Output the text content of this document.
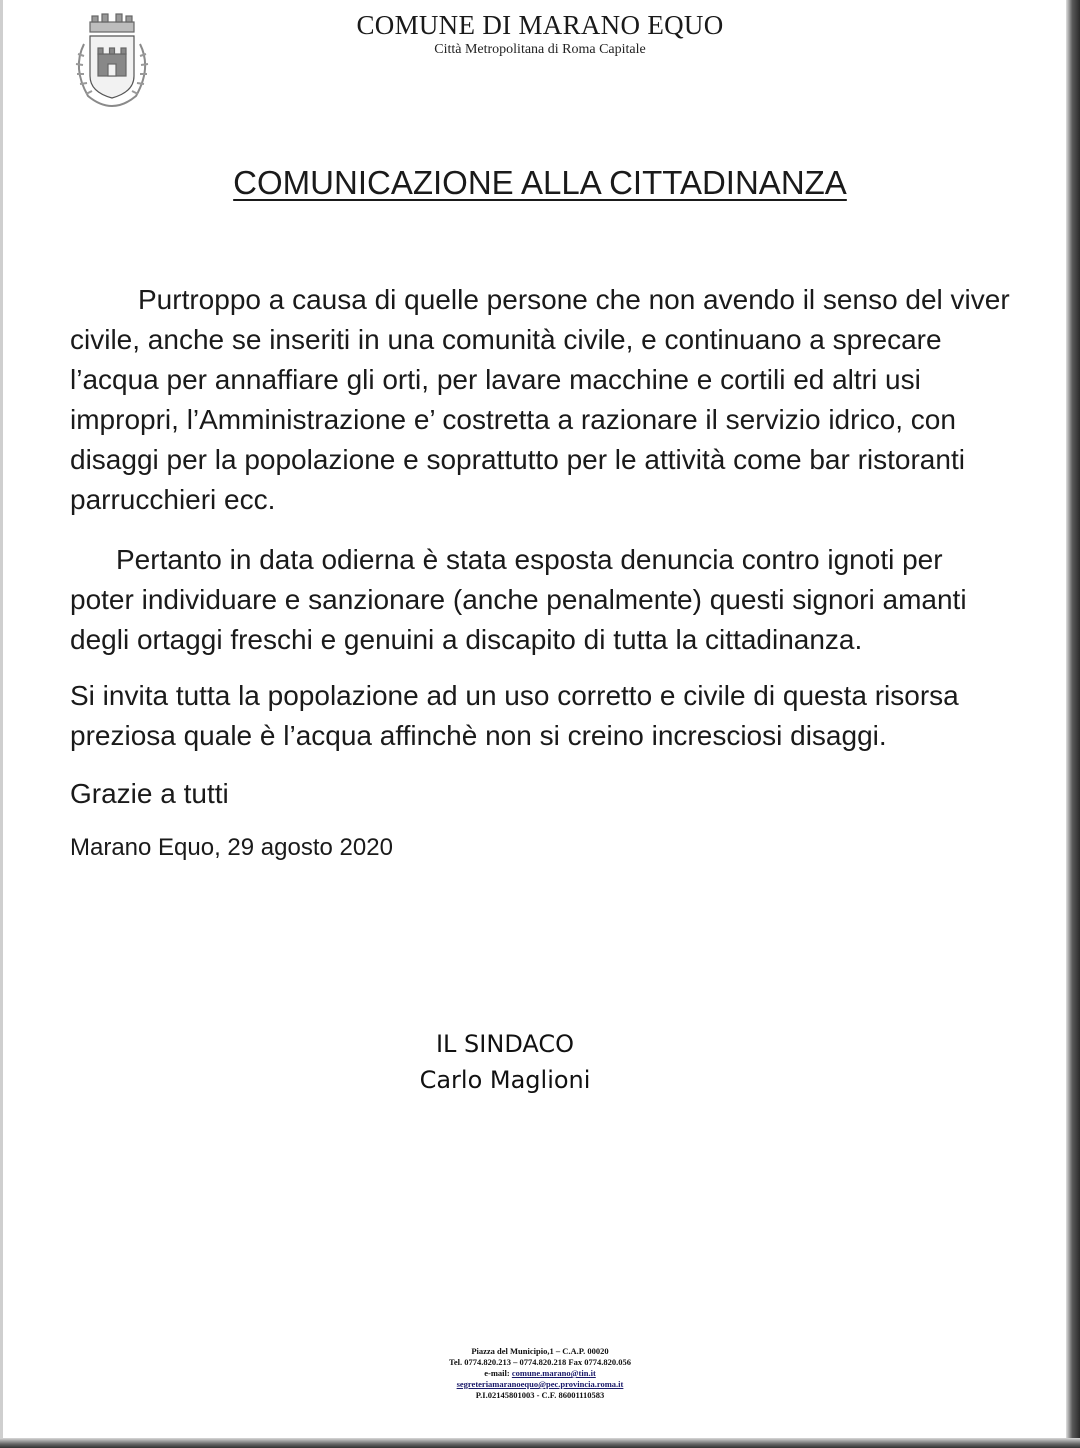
COMUNE DI MARANO EQUO
Città Metropolitana di Roma Capitale
COMUNICAZIONE ALLA CITTADINANZA

Purtroppo a causa di quelle persone che non avendo il senso del viver civile, anche se inseriti in una comunità civile, e continuano a sprecare l’acqua per annaffiare gli orti, per lavare macchine e cortili ed altri usi impropri, l’Amministrazione e’ costretta a razionare il servizio idrico, con disaggi per la popolazione e soprattutto per le attività come bar ristoranti parrucchieri ecc.

Pertanto in data odierna è stata esposta denuncia contro ignoti per poter individuare e sanzionare (anche penalmente) questi signori amanti degli ortaggi freschi e genuini a discapito di tutta la cittadinanza.

Si invita tutta la popolazione ad un uso corretto e civile di questa risorsa preziosa quale è l’acqua affinchè non si creino incresciosi disaggi.

Grazie a tutti

Marano Equo, 29 agosto 2020

IL SINDACO
Carlo Maglioni
Piazza del Municipio,1 – C.A.P. 00020
Tel. 0774.820.213 – 0774.820.218 Fax 0774.820.056
e-mail: comune.marano@tin.it
segreteriamaranoequo@pec.provincia.roma.it
P.I.02145801003 - C.F. 86001110583
